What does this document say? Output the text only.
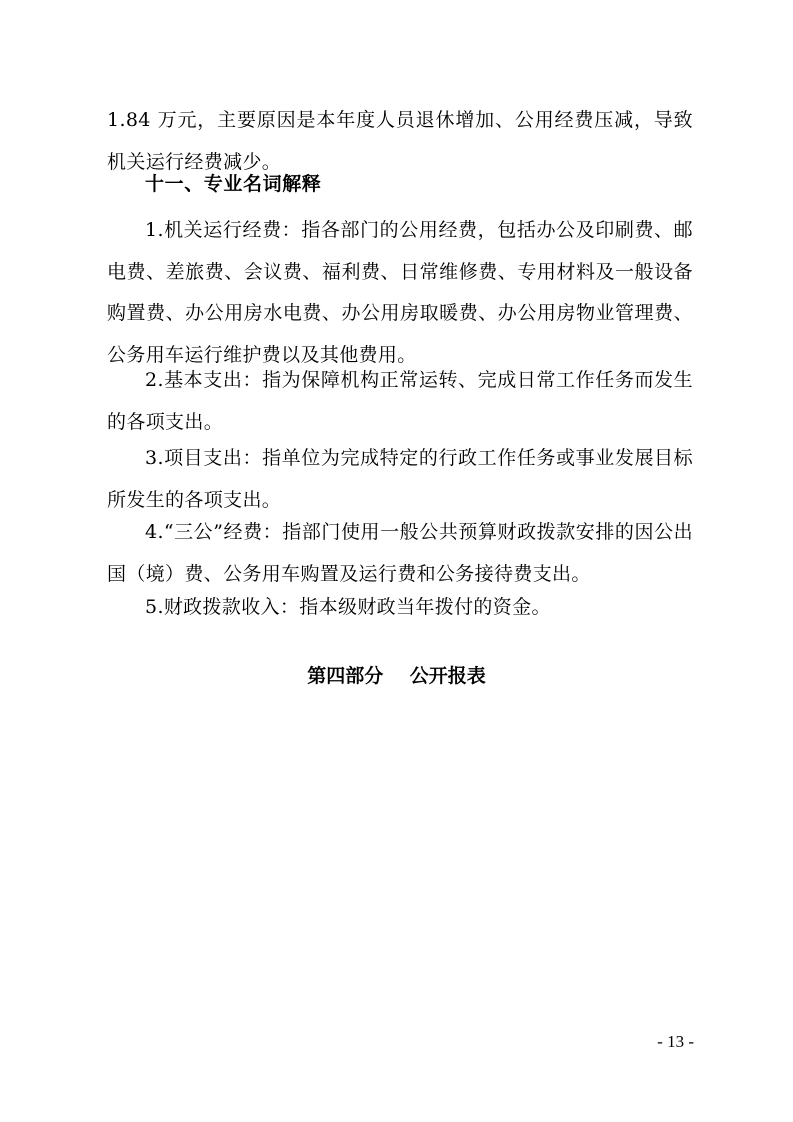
1.84 万元，主要原因是本年度人员退休增加、公用经费压减，导致机关运行经费减少。

十一、专业名词解释

1.机关运行经费：指各部门的公用经费，包括办公及印刷费、邮电费、差旅费、会议费、福利费、日常维修费、专用材料及一般设备购置费、办公用房水电费、办公用房取暖费、办公用房物业管理费、公务用车运行维护费以及其他费用。

2.基本支出：指为保障机构正常运转、完成日常工作任务而发生的各项支出。

3.项目支出：指单位为完成特定的行政工作任务或事业发展目标所发生的各项支出。

4.“三公”经费：指部门使用一般公共预算财政拨款安排的因公出国（境）费、公务用车购置及运行费和公务接待费支出。

5.财政拨款收入：指本级财政当年拨付的资金。

第四部分    公开报表

- 13 -
